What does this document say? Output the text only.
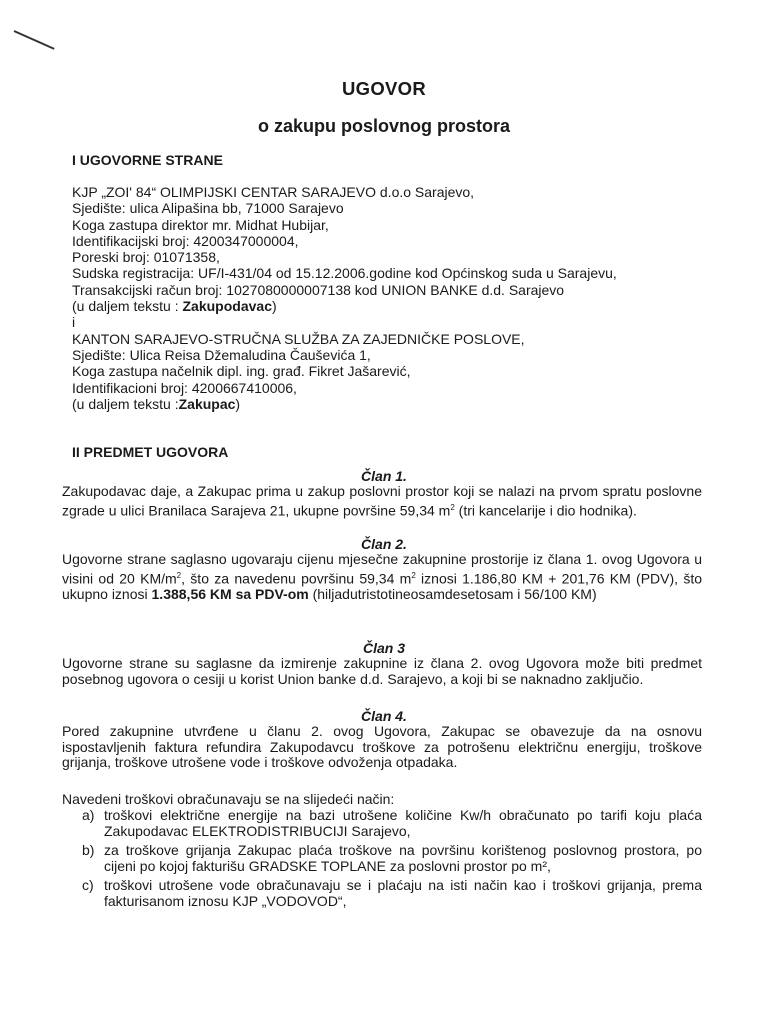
UGOVOR
o zakupu poslovnog prostora
I UGOVORNE STRANE
KJP „ZOI' 84“ OLIMPIJSKI CENTAR SARAJEVO d.o.o Sarajevo,
Sjedište: ulica Alipašina bb, 71000 Sarajevo
Koga zastupa direktor mr. Midhat Hubijar,
Identifikacijski broj: 4200347000004,
Poreski broj: 01071358,
Sudska registracija: UF/I-431/04 od 15.12.2006.godine kod Općinskog suda u Sarajevu,
Transakcijski račun broj: 1027080000007138 kod UNION BANKE d.d. Sarajevo
(u daljem tekstu : Zakupodavac)
i
KANTON SARAJEVO-STRUČNA SLUŽBA ZA ZAJEDNIČKE POSLOVE,
Sjedište: Ulica Reisa Džemaludina Čauševića 1,
Koga zastupa načelnik dipl. ing. građ. Fikret Jašarević,
Identifikacioni broj: 4200667410006,
(u daljem tekstu :Zakupac)
II PREDMET UGOVORA
Član 1.
Zakupodavac daje, a Zakupac prima u zakup poslovni prostor koji se nalazi na prvom spratu poslovne zgrade u ulici Branilaca Sarajeva 21, ukupne površine 59,34 $m^2$ (tri kancelarije i dio hodnika).
Član 2.
Ugovorne strane saglasno ugovaraju cijenu mjesečne zakupnine prostorije iz člana 1. ovog Ugovora u visini od 20 $KM/m^2$, što za navedenu površinu 59,34 $m^2$ iznosi 1.186,80 KM + 201,76 KM (PDV), što ukupno iznosi 1.388,56 KM sa PDV-om (hiljadutristotineosamdesetosam i 56/100 KM)
Član 3
Ugovorne strane su saglasne da izmirenje zakupnine iz člana 2. ovog Ugovora može biti predmet posebnog ugovora o cesiji u korist Union banke d.d. Sarajevo, a koji bi se naknadno zaključio.
Član 4.
Pored zakupnine utvrđene u članu 2. ovog Ugovora, Zakupac se obavezuje da na osnovu ispostavljenih faktura refundira Zakupodavcu troškove za potrošenu električnu energiju, troškove grijanja, troškove utrošene vode i troškove odvoženja otpadaka.
Navedeni troškovi obračunavaju se na slijedeći način:
a) troškovi električne energije na bazi utrošene količine Kw/h obračunato po tarifi koju plaća Zakupodavac ELEKTRODISTRIBUCIJI Sarajevo,
b) za troškove grijanja Zakupac plaća troškove na površinu korištenog poslovnog prostora, po cijeni po kojoj fakturišu GRADSKE TOPLANE za poslovni prostor po m²,
c) troškovi utrošene vode obračunavaju se i plaćaju na isti način kao i troškovi grijanja, prema fakturisanom iznosu KJP „VODOVOD“,
